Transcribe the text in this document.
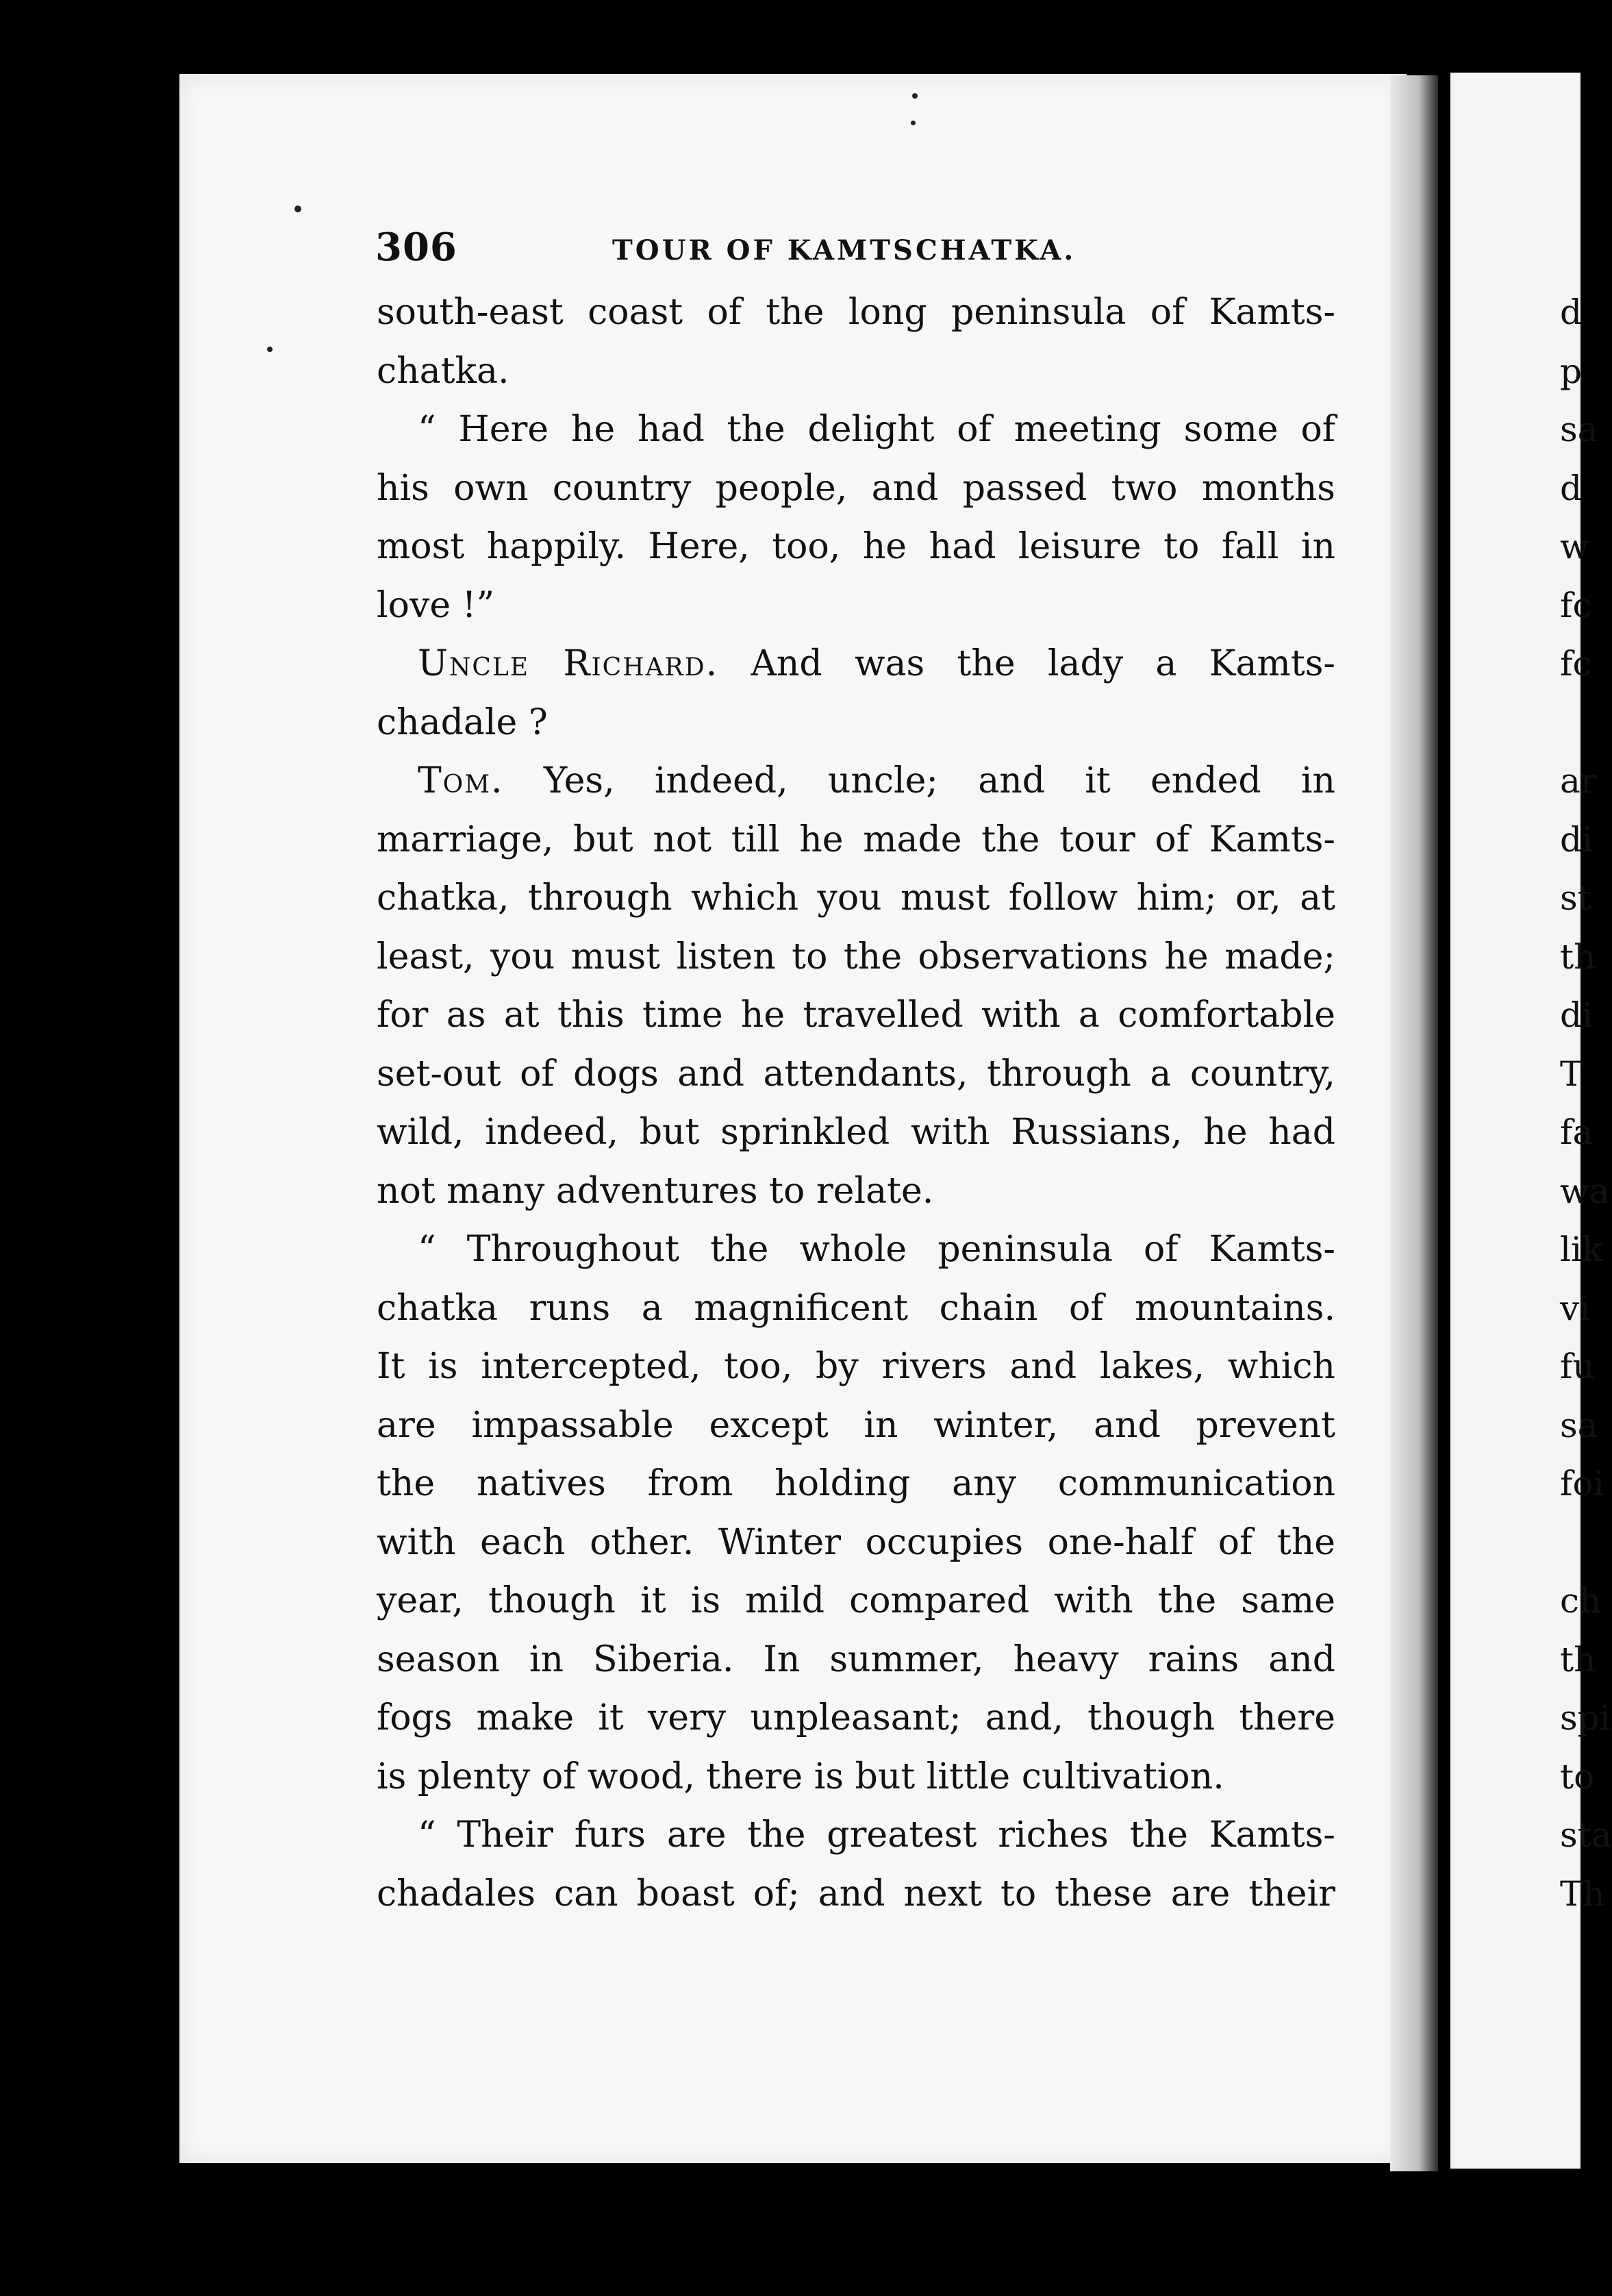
306	TOUR OF KAMTSCHATKA.
south-east coast of the long peninsula of Kamts-
chatka.
“ Here he had the delight of meeting some of
his own country people, and passed two months
most happily. Here, too, he had leisure to fall in
love !”
Uncle Richard. And was the lady a Kamts-
chadale ?
Tom. Yes, indeed, uncle; and it ended in
marriage, but not till he made the tour of Kamts-
chatka, through which you must follow him; or, at
least, you must listen to the observations he made;
for as at this time he travelled with a comfortable
set-out of dogs and attendants, through a country,
wild, indeed, but sprinkled with Russians, he had
not many adventures to relate.
“ Throughout the whole peninsula of Kamts-
chatka runs a magnificent chain of mountains.
It is intercepted, too, by rivers and lakes, which
are impassable except in winter, and prevent
the natives from holding any communication
with each other. Winter occupies one-half of the
year, though it is mild compared with the same
season in Siberia. In summer, heavy rains and
fogs make it very unpleasant; and, though there
is plenty of wood, there is but little cultivation.
“ Their furs are the greatest riches the Kamts-
chadales can boast of; and next to these are their
d
p
sa
d
w
fc
fc
ar
di
st
th
di
T
fa
wa
lik
vi
fu
sa
foi
ch
th
spi
to
sta
Th
